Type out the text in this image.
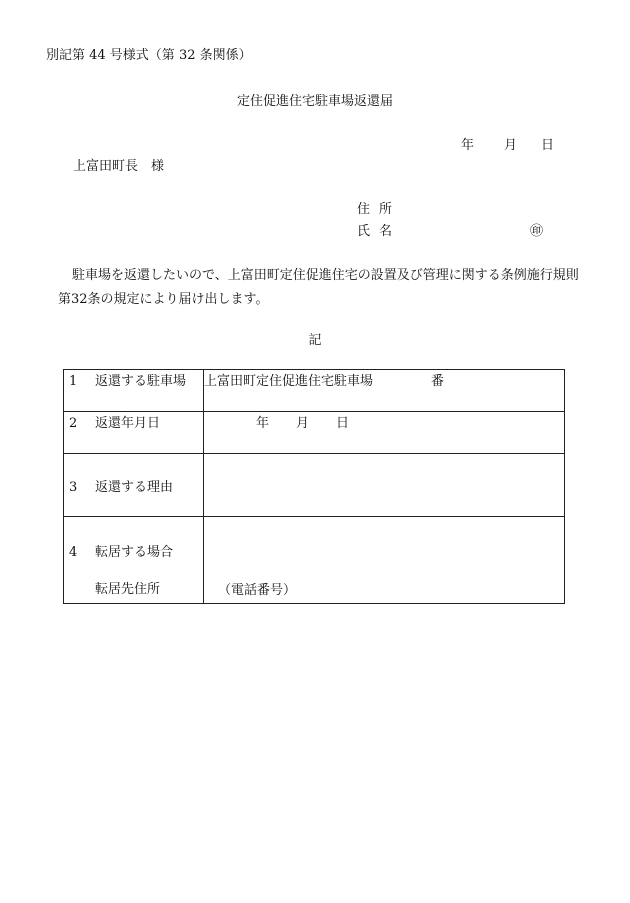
別記第 44 号様式（第 32 条関係）
定住促進住宅駐車場返還届
年 月 日
上富田町長　様
住所
氏名	㊞
駐車場を返還したいので、上富田町定住促進住宅の設置及び管理に関する条例施行規則第32条の規定により届け出します。
記
1 返還する駐車場	上富田町定住促進住宅駐車場 番
2 返還年月日	年 月 日
3 返還する理由	
4 転居する場合
転居先住所	（電話番号）
